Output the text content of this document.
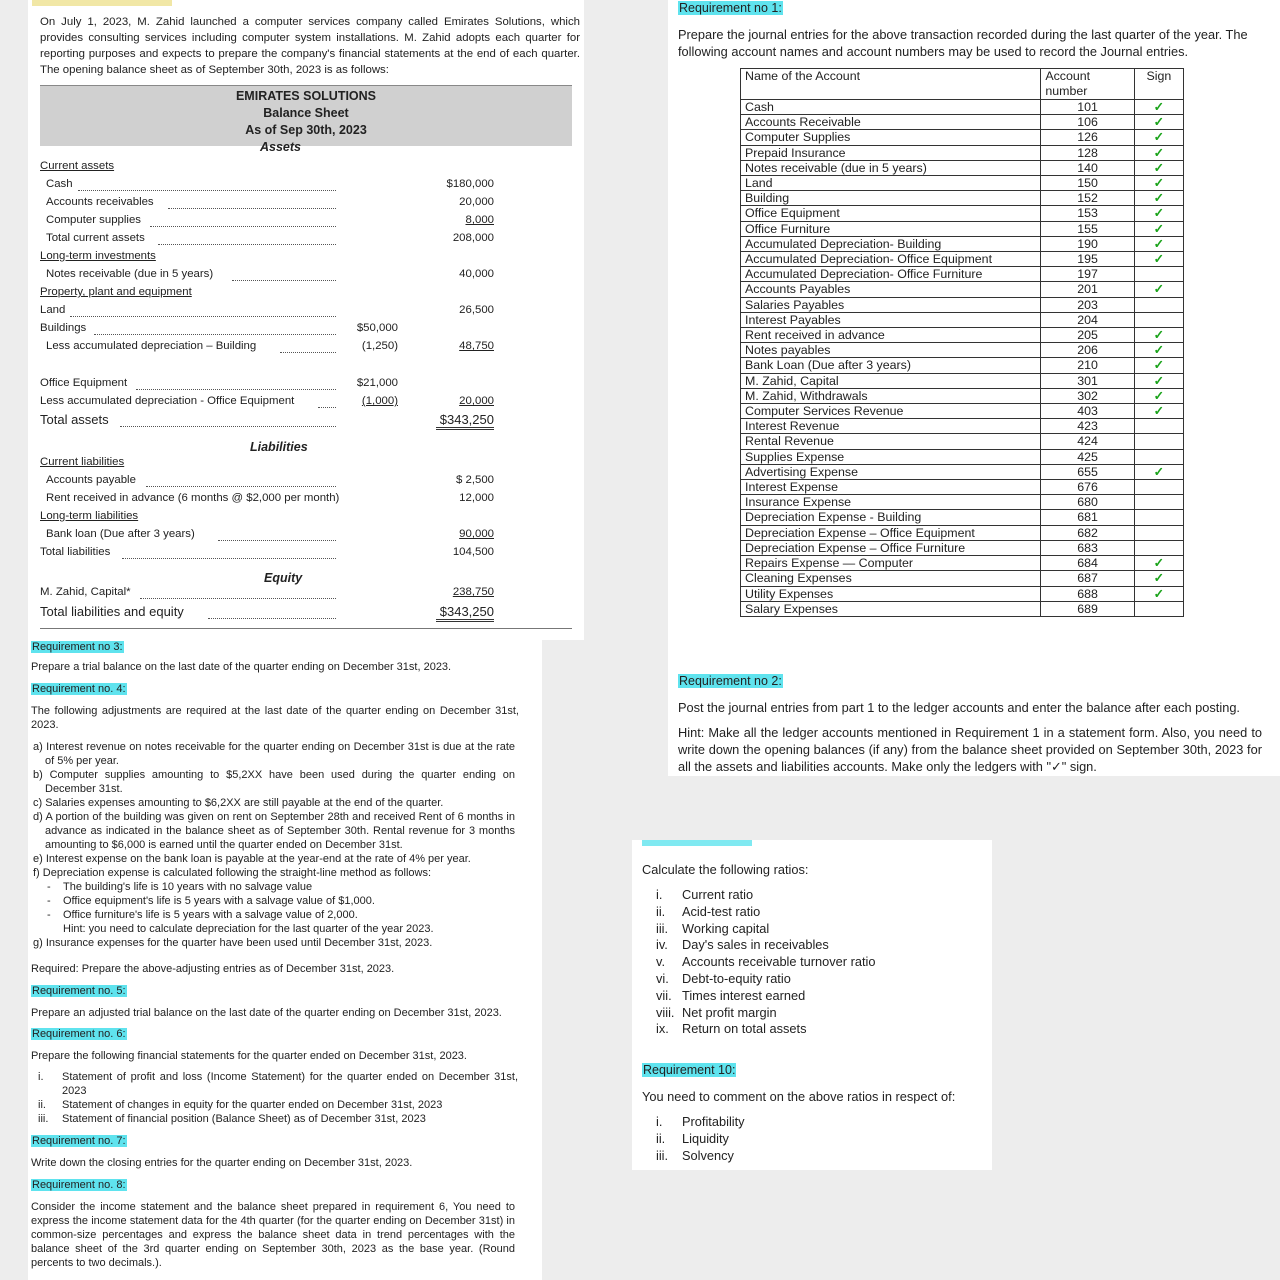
On July 1, 2023, M. Zahid launched a computer services company called Emirates Solutions, which provides consulting services including computer system installations. M. Zahid adopts each quarter for reporting purposes and expects to prepare the company's financial statements at the end of each quarter. The opening balance sheet as of September 30th, 2023 is as follows:

EMIRATES SOLUTIONS
Balance Sheet
As of Sep 30th, 2023
Assets
Current assets
Cash	$180,000
Accounts receivables	20,000
Computer supplies	8,000
Total current assets	208,000
Long-term investments
Notes receivable (due in 5 years)	40,000
Property, plant and equipment
Land	26,500
Buildings	$50,000
Less accumulated depreciation – Building	(1,250)	48,750
Office Equipment	$21,000
Less accumulated depreciation - Office Equipment	(1,000)	20,000
Total assets	$343,250
Liabilities
Current liabilities
Accounts payable	$ 2,500
Rent received in advance (6 months @ $2,000 per month)	12,000
Long-term liabilities
Bank loan (Due after 3 years)	90,000
Total liabilities	104,500
Equity
M. Zahid, Capital*	238,750
Total liabilities and equity	$343,250
Requirement no 3:
Prepare a trial balance on the last date of the quarter ending on December 31st, 2023.
Requirement no. 4:

The following adjustments are required at the last date of the quarter ending on December 31st, 2023.

a) Interest revenue on notes receivable for the quarter ending on December 31st is due at the rate of 5% per year.

b) Computer supplies amounting to $5,2XX have been used during the quarter ending on December 31st.

c) Salaries expenses amounting to $6,2XX are still payable at the end of the quarter.

d) A portion of the building was given on rent on September 28th and received Rent of 6 months in advance as indicated in the balance sheet as of September 30th. Rental revenue for 3 months amounting to $6,000 is earned until the quarter ended on December 31st.

e) Interest expense on the bank loan is payable at the year-end at the rate of 4% per year.

f) Depreciation expense is calculated following the straight-line method as follows:

- The building's life is 10 years with no salvage value

- Office equipment's life is 5 years with a salvage value of $1,000.

- Office furniture's life is 5 years with a salvage value of 2,000.

Hint: you need to calculate depreciation for the last quarter of the year 2023.

g) Insurance expenses for the quarter have been used until December 31st, 2023.

Required: Prepare the above-adjusting entries as of December 31st, 2023.
Requirement no. 5:
Prepare an adjusted trial balance on the last date of the quarter ending on December 31st, 2023.
Requirement no. 6:
Prepare the following financial statements for the quarter ended on December 31st, 2023.

i. Statement of profit and loss (Income Statement) for the quarter ended on December 31st, 2023

ii. Statement of changes in equity for the quarter ended on December 31st, 2023

iii. Statement of financial position (Balance Sheet) as of December 31st, 2023

Requirement no. 7:
Write down the closing entries for the quarter ending on December 31st, 2023.
Requirement no. 8:

Consider the income statement and the balance sheet prepared in requirement 6, You need to express the income statement data for the 4th quarter (for the quarter ending on December 31st) in common-size percentages and express the balance sheet data in trend percentages with the balance sheet of the 3rd quarter ending on September 30th, 2023 as the base year. (Round percents to two decimals.).

Requirement no 1:

Prepare the journal entries for the above transaction recorded during the last quarter of the year. The following account names and account numbers may be used to record the Journal entries.

Name of the Account	Account number	Sign
Cash	101	✓
Accounts Receivable	106	✓
Computer Supplies	126	✓
Prepaid Insurance	128	✓
Notes receivable (due in 5 years)	140	✓
Land	150	✓
Building	152	✓
Office Equipment	153	✓
Office Furniture	155	✓
Accumulated Depreciation- Building	190	✓
Accumulated Depreciation- Office Equipment	195	✓
Accumulated Depreciation- Office Furniture	197	
Accounts Payables	201	✓
Salaries Payables	203	
Interest Payables	204	
Rent received in advance	205	✓
Notes payables	206	✓
Bank Loan (Due after 3 years)	210	✓
M. Zahid, Capital	301	✓
M. Zahid, Withdrawals	302	✓
Computer Services Revenue	403	✓
Interest Revenue	423	
Rental Revenue	424	
Supplies Expense	425	
Advertising Expense	655	✓
Interest Expense	676	
Insurance Expense	680	
Depreciation Expense - Building	681	
Depreciation Expense – Office Equipment	682	
Depreciation Expense – Office Furniture	683	
Repairs Expense — Computer	684	✓
Cleaning Expenses	687	✓
Utility Expenses	688	✓
Salary Expenses	689	
Requirement no 2:
Post the journal entries from part 1 to the ledger accounts and enter the balance after each posting.

Hint: Make all the ledger accounts mentioned in Requirement 1 in a statement form. Also, you need to write down the opening balances (if any) from the balance sheet provided on September 30th, 2023 for all the assets and liabilities accounts. Make only the ledgers with "✓" sign.

Calculate the following ratios:
i. Current ratio
ii. Acid-test ratio
iii. Working capital
iv. Day's sales in receivables
v. Accounts receivable turnover ratio
vi. Debt-to-equity ratio
vii. Times interest earned
viii. Net profit margin
ix. Return on total assets
Requirement 10:
You need to comment on the above ratios in respect of:
i. Profitability
ii. Liquidity
iii. Solvency
